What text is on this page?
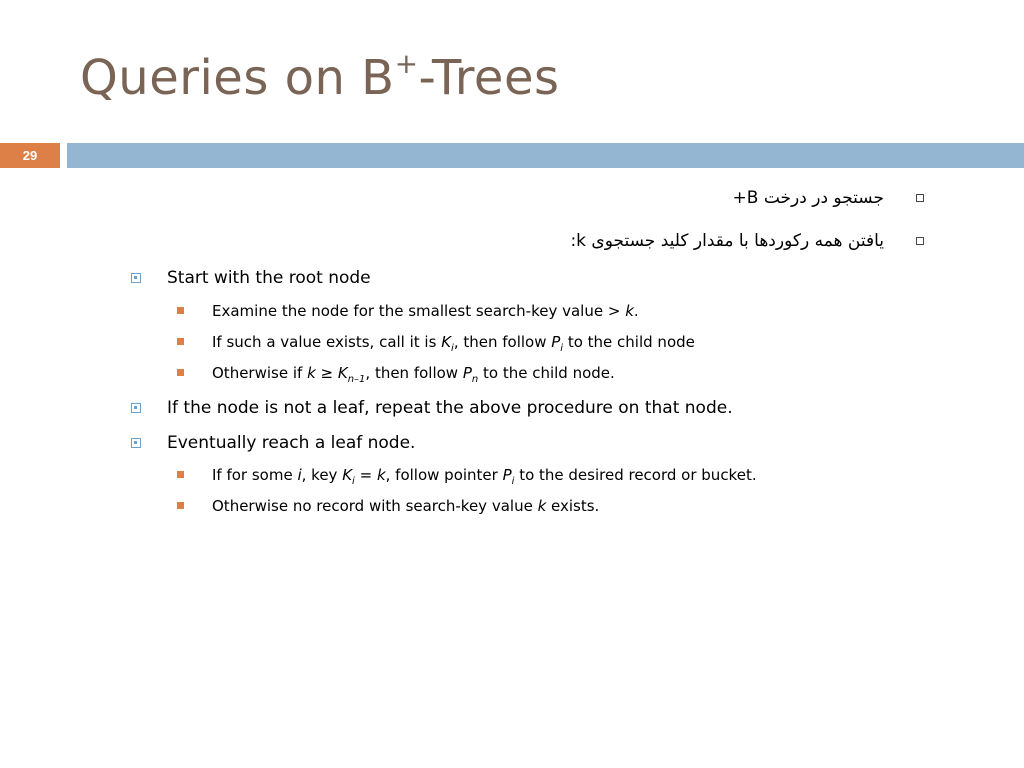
Queries on B+-Trees
29
جستجو در درخت B+
یافتن همه رکوردها با مقدار کلید جستجوی k:
Start with the root node
Examine the node for the smallest search-key value > k.
If such a value exists, call it is $K_i$, then follow $P_i$ to the child node
Otherwise if $k \ge K_{n-1}$, then follow $P_n$ to the child node.
If the node is not a leaf, repeat the above procedure on that node.
Eventually reach a leaf node.
If for some i, key $K_i = k$, follow pointer $P_i$ to the desired record or bucket.
Otherwise no record with search-key value k exists.
